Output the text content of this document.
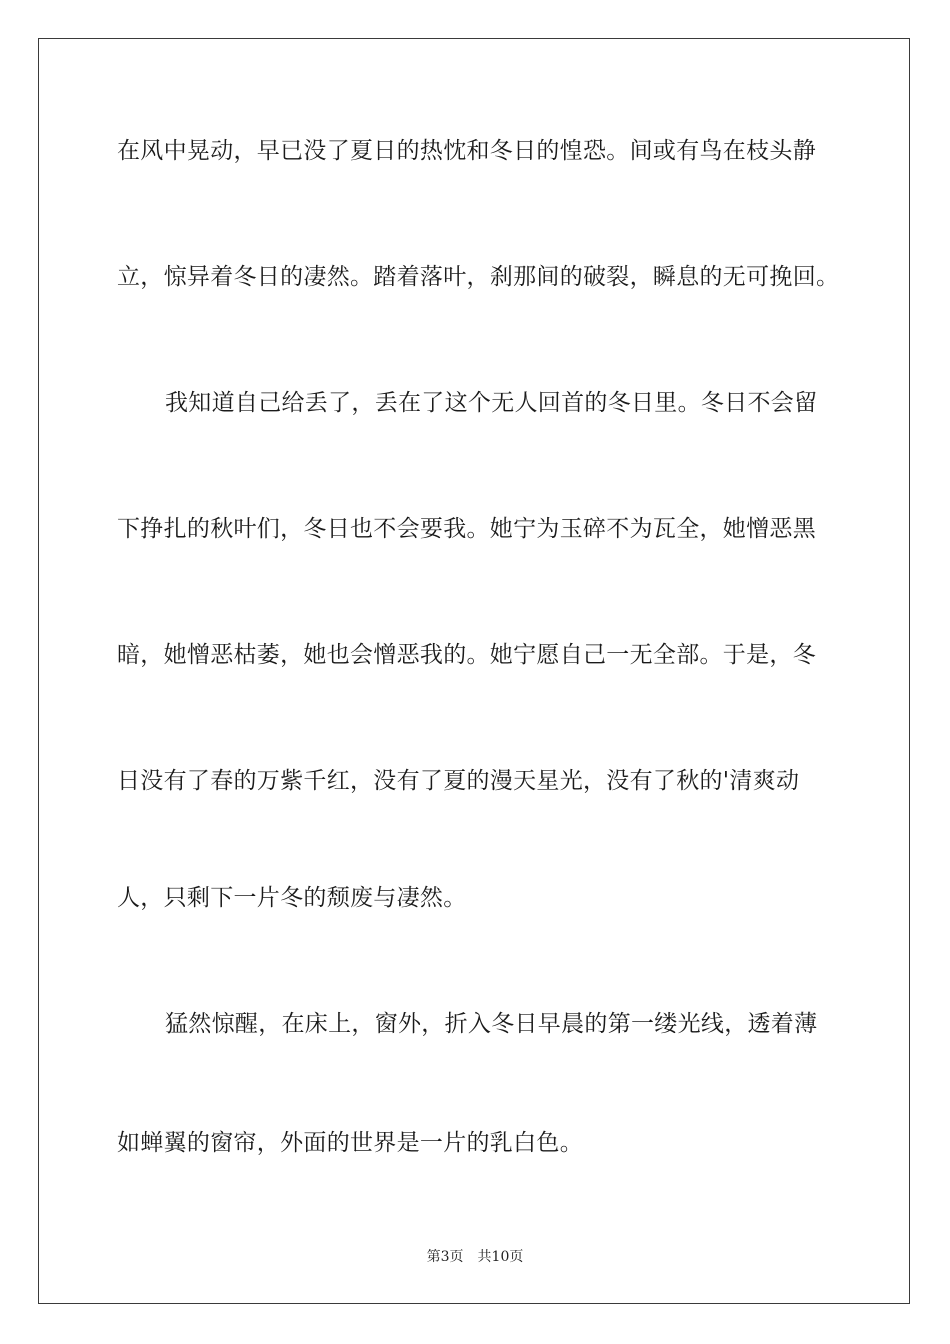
在风中晃动，早已没了夏日的热忱和冬日的惶恐。间或有鸟在枝头静
立，惊异着冬日的凄然。踏着落叶，刹那间的破裂，瞬息的无可挽回。
我知道自己给丢了，丢在了这个无人回首的冬日里。冬日不会留
下挣扎的秋叶们，冬日也不会要我。她宁为玉碎不为瓦全，她憎恶黑
暗，她憎恶枯萎，她也会憎恶我的。她宁愿自己一无全部。于是，冬
日没有了春的万紫千红，没有了夏的漫天星光，没有了秋的'清爽动
人，只剩下一片冬的颓废与凄然。
猛然惊醒，在床上，窗外，折入冬日早晨的第一缕光线，透着薄
如蝉翼的窗帘，外面的世界是一片的乳白色。
第3页 共10页
